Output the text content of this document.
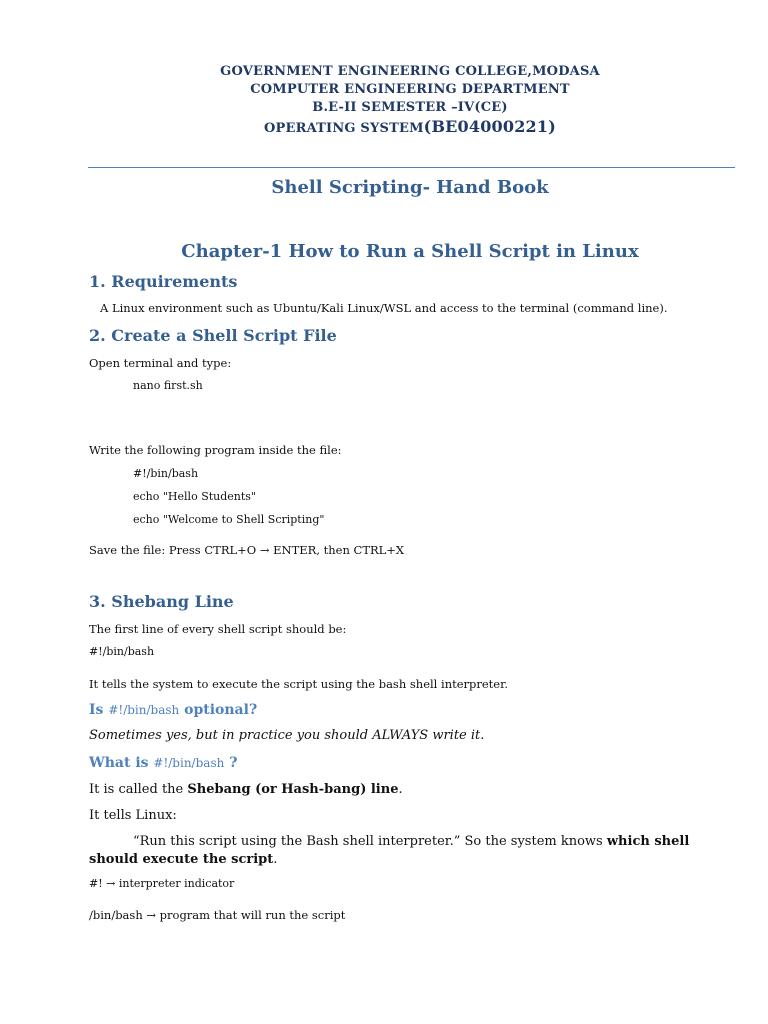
GOVERNMENT ENGINEERING COLLEGE,MODASA
COMPUTER ENGINEERING DEPARTMENT
B.E-II SEMESTER –IV(CE)
OPERATING SYSTEM(BE04000221)
Shell Scripting- Hand Book
Chapter-1 How to Run a Shell Script in Linux
1. Requirements
A Linux environment such as Ubuntu/Kali Linux/WSL and access to the terminal (command line).
2. Create a Shell Script File
Open terminal and type:
nano first.sh
Write the following program inside the file:
#!/bin/bash
echo "Hello Students"
echo "Welcome to Shell Scripting"
Save the file: Press CTRL+O → ENTER, then CTRL+X
3. Shebang Line
The first line of every shell script should be:
#!/bin/bash
It tells the system to execute the script using the bash shell interpreter.
Is #!/bin/bash optional?
Sometimes yes, but in practice you should ALWAYS write it.
What is #!/bin/bash ?
It is called the Shebang (or Hash-bang) line.
It tells Linux:
“Run this script using the Bash shell interpreter.” So the system knows which shell should execute the script.
#! → interpreter indicator
/bin/bash → program that will run the script
